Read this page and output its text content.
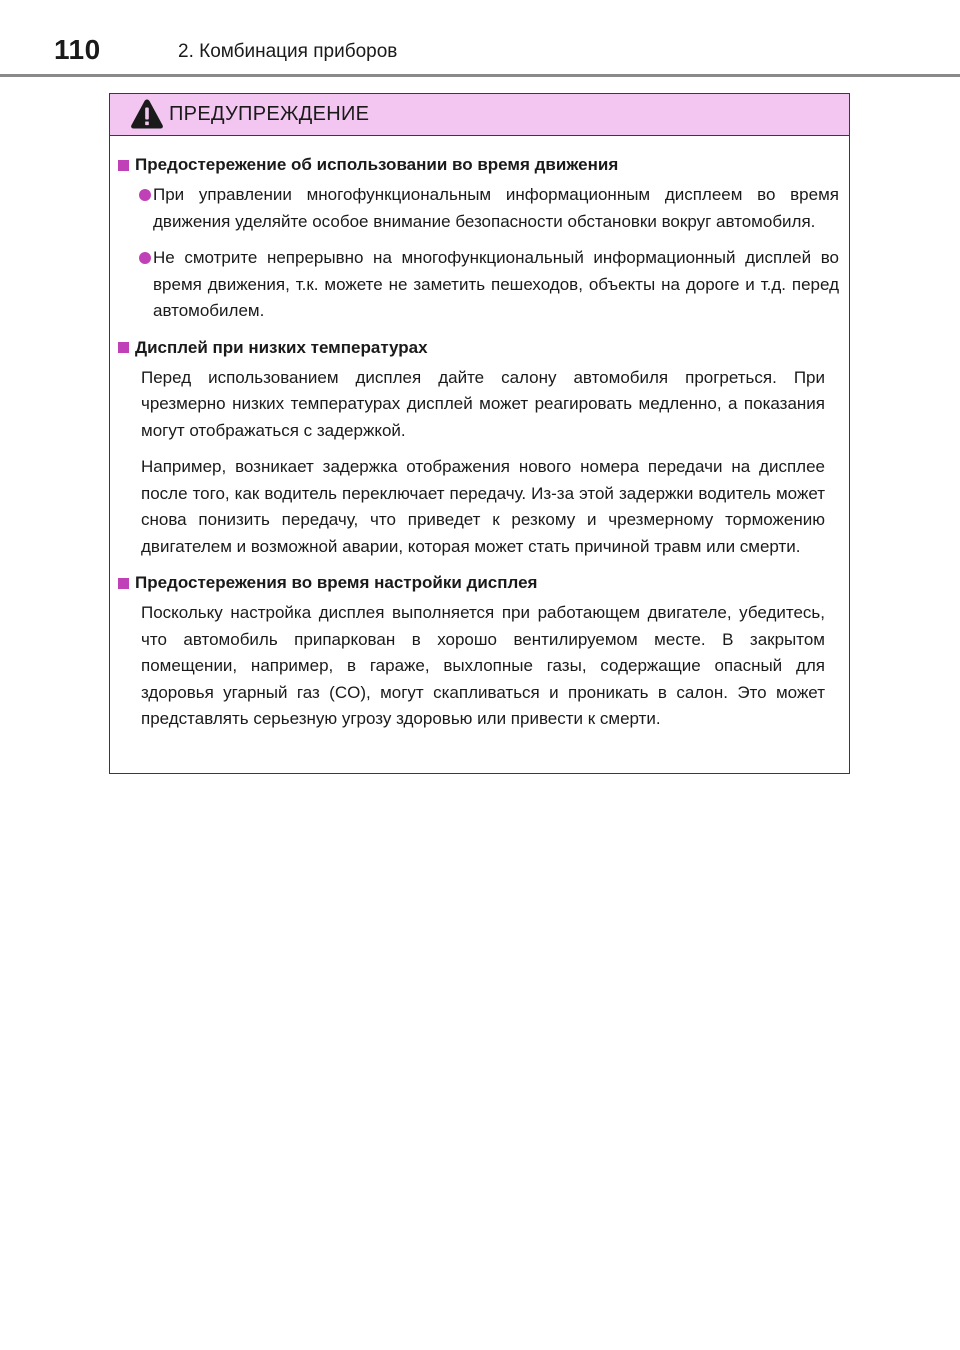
110	2. Комбинация приборов
ПРЕДУПРЕЖДЕНИЕ
Предостережение об использовании во время движения

При управлении многофункциональным информационным дисплеем во время движения уделяйте особое внимание безопасности обстановки вокруг автомобиля.

Не смотрите непрерывно на многофункциональный информационный дисплей во время движения, т.к. можете не заметить пешеходов, объекты на дороге и т.д. перед автомобилем.

Дисплей при низких температурах

Перед использованием дисплея дайте салону автомобиля прогреться. При чрезмерно низких температурах дисплей может реагировать медленно, а показания могут отображаться с задержкой.

Например, возникает задержка отображения нового номера передачи на дисплее после того, как водитель переключает передачу. Из-за этой задержки водитель может снова понизить передачу, что приведет к резкому и чрезмерному торможению двигателем и возможной аварии, которая может стать причиной травм или смерти.

Предостережения во время настройки дисплея

Поскольку настройка дисплея выполняется при работающем двигателе, убедитесь, что автомобиль припаркован в хорошо вентилируемом месте. В закрытом помещении, например, в гараже, выхлопные газы, содержащие опасный для здоровья угарный газ (CO), могут скапливаться и проникать в салон. Это может представлять серьезную угрозу здоровью или привести к смерти.
